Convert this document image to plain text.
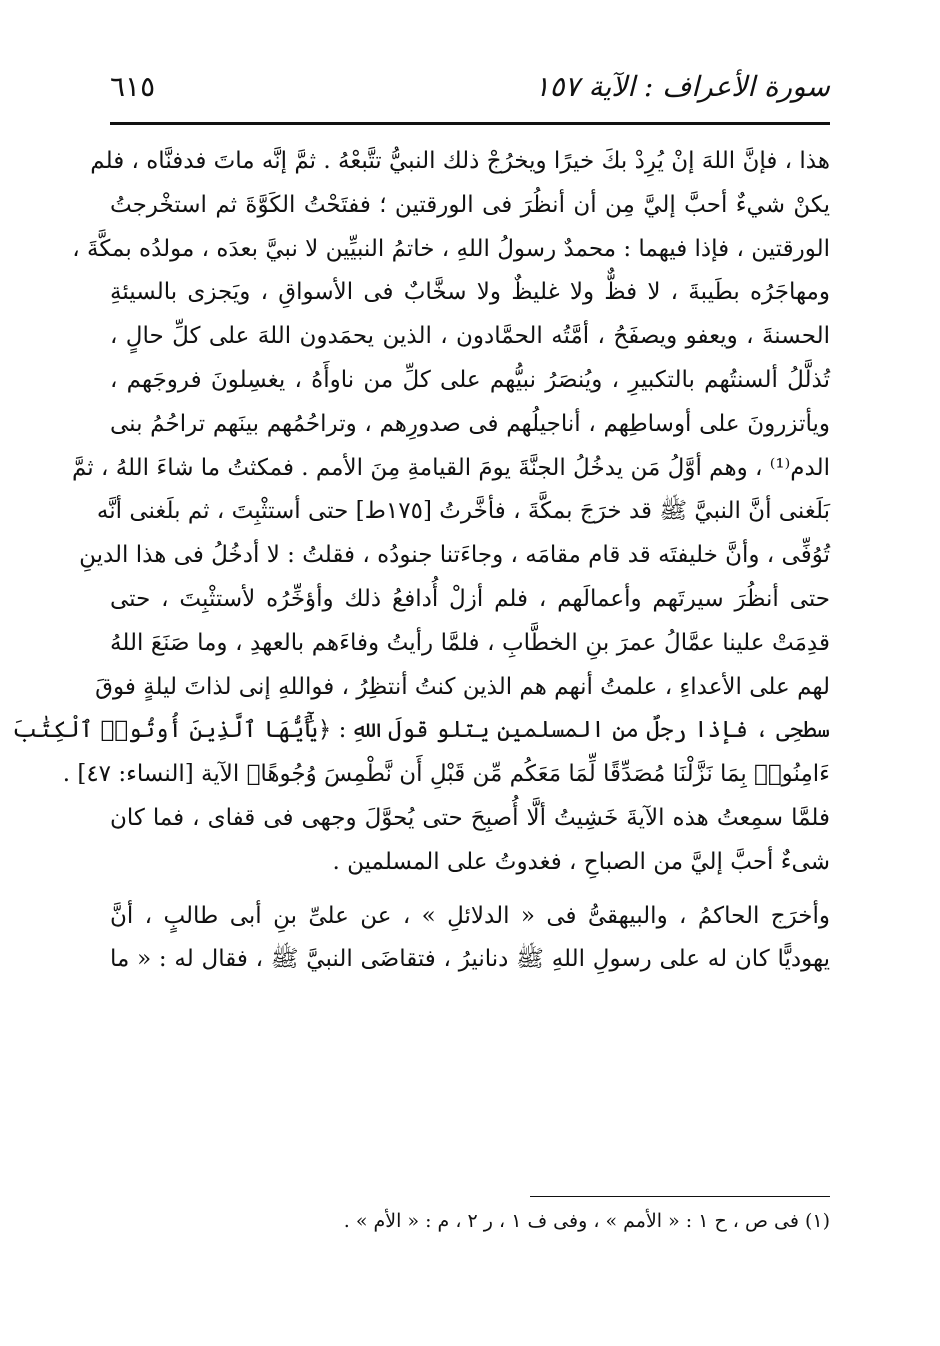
سورة الأعراف : الآية ١٥٧
٦١٥
هذا ، فإنَّ اللهَ إنْ يُرِدْ بكَ خيرًا ويخرُجْ ذلك النبيُّ تتَّبعْهُ . ثمَّ إنَّه ماتَ فدفنَّاه ، فلم
يكنْ شيءٌ أحبَّ إليَّ مِن أن أنظُرَ فى الورقتين ؛ ففتَحْتُ الكَوَّةَ ثم استخْرجتُ
الورقتين ، فإذا فيهما : محمدٌ رسولُ اللهِ ، خاتمُ النبيِّين لا نبيَّ بعدَه ، مولدُه بمكَّةَ ،
ومهاجَرُه بطَيبةَ ، لا فظٌّ ولا غليظٌ ولا سخَّابٌ فى الأسواقِ ، ويَجزى بالسيئةِ
الحسنةَ ، ويعفو ويصفَحُ ، أمَّتُه الحمَّادون ، الذين يحمَدون اللهَ على كلِّ حالٍ ،
تُذلَّلُ ألسنتُهم بالتكبيرِ ، ويُنصَرُ نبيُّهم على كلِّ من ناوأَهُ ، يغسِلونَ فروجَهم ،
ويأتزرونَ على أوساطِهم ، أناجيلُهم فى صدورِهم ، وتراحُمُهم بينَهم تراحُمُ بنى
الدم⁽¹⁾ ، وهم أوَّلُ مَن يدخُلُ الجنَّةَ يومَ القيامةِ مِنَ الأمم . فمكثتُ ما شاءَ اللهُ ، ثمَّ
بَلَغنى أنَّ النبيَّ ﷺ قد خرَجَ بمكَّةَ ، فأخَّرتُ [١٧٥ط] حتى أستثْبِتَ ، ثم بلَغنى أنَّه
تُوُفِّى ، وأنَّ خليفتَه قد قام مقامَه ، وجاءَتنا جنودُه ، فقلتُ : لا أدخُلُ فى هذا الدينِ
حتى أنظُرَ سيرتَهم وأعمالَهم ، فلم أزلْ أُدافعُ ذلك وأؤخِّرُه لأستثْبِتَ ، حتى
قدِمَتْ علينا عمَّالُ عمرَ بنِ الخطَّابِ ، فلمَّا رأيتُ وفاءَهم بالعهدِ ، وما صَنَعَ اللهُ
لهم على الأعداءِ ، علمتُ أنهم هم الذين كنتُ أنتظِرُ ، فواللهِ إنى لذاتَ ليلةٍ فوقَ
سطحِى ، فإذا رجلٌ من المسلمين يتلو قولَ اللهِ : ﴿يَٰٓأَيُّهَا ٱلَّذِينَ أُوتُوا۟ ٱلْكِتَٰبَ
ءَامِنُوا۟ بِمَا نَزَّلْنَا مُصَدِّقًا لِّمَا مَعَكُم مِّن قَبْلِ أَن نَّطْمِسَ وُجُوهًا﴾ الآية [النساء: ٤٧] .
فلمَّا سمِعتُ هذه الآيةَ خَشِيتُ ألَّا أُصبِحَ حتى يُحوَّلَ وجهى فى قفاى ، فما كان
شىءٌ أحبَّ إليَّ من الصباحِ ، فغدوتُ على المسلمين .
وأخرَج الحاكمُ ، والبيهقىُّ فى « الدلائلِ » ، عن علىِّ بنِ أبى طالبٍ ، أنَّ
يهوديًّا كان له على رسولِ اللهِ ﷺ دنانيرُ ، فتقاضَى النبيَّ ﷺ ، فقال له : « ما
(١) فى ص ، ح ١ : « الأمم » ، وفى ف ١ ، ر ٢ ، م : « الأم » .
